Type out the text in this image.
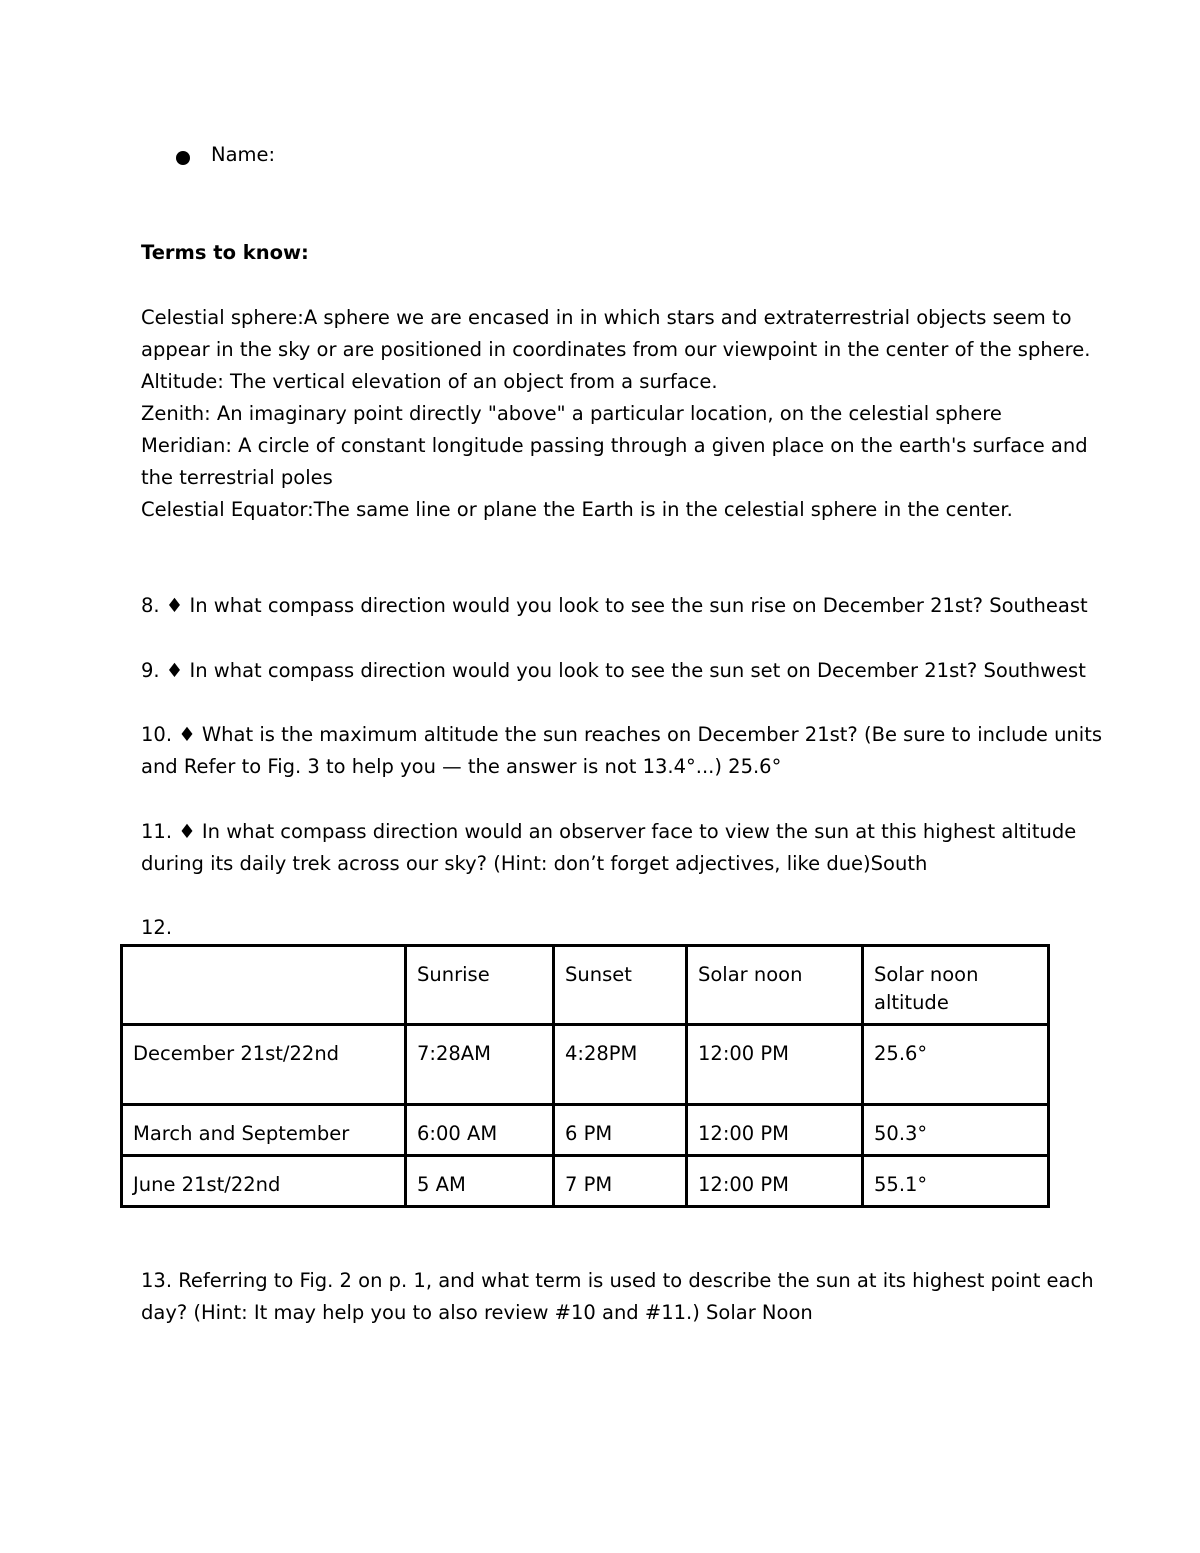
Name:
Terms to know:
Celestial sphere:A sphere we are encased in in which stars and extraterrestrial objects seem to
appear in the sky or are positioned in coordinates from our viewpoint in the center of the sphere.
Altitude: The vertical elevation of an object from a surface.
Zenith: An imaginary point directly "above" a particular location, on the celestial sphere
Meridian: A circle of constant longitude passing through a given place on the earth's surface and
the terrestrial poles
Celestial Equator:The same line or plane the Earth is in the celestial sphere in the center.
8. ♦ In what compass direction would you look to see the sun rise on December 21st? Southeast
9. ♦ In what compass direction would you look to see the sun set on December 21st? Southwest
10. ♦ What is the maximum altitude the sun reaches on December 21st? (Be sure to include units
and Refer to Fig. 3 to help you — the answer is not 13.4°...) 25.6°
11. ♦ In what compass direction would an observer face to view the sun at this highest altitude
during its daily trek across our sky? (Hint: don’t forget adjectives, like due)South
12.
	Sunrise	Sunset	Solar noon	Solar noon altitude
December 21st/22nd	7:28AM	4:28PM	12:00 PM	25.6°
March and September	6:00 AM	6 PM	12:00 PM	50.3°
June 21st/22nd	5 AM	7 PM	12:00 PM	55.1°
13. Referring to Fig. 2 on p. 1, and what term is used to describe the sun at its highest point each
day? (Hint: It may help you to also review #10 and #11.) Solar Noon
